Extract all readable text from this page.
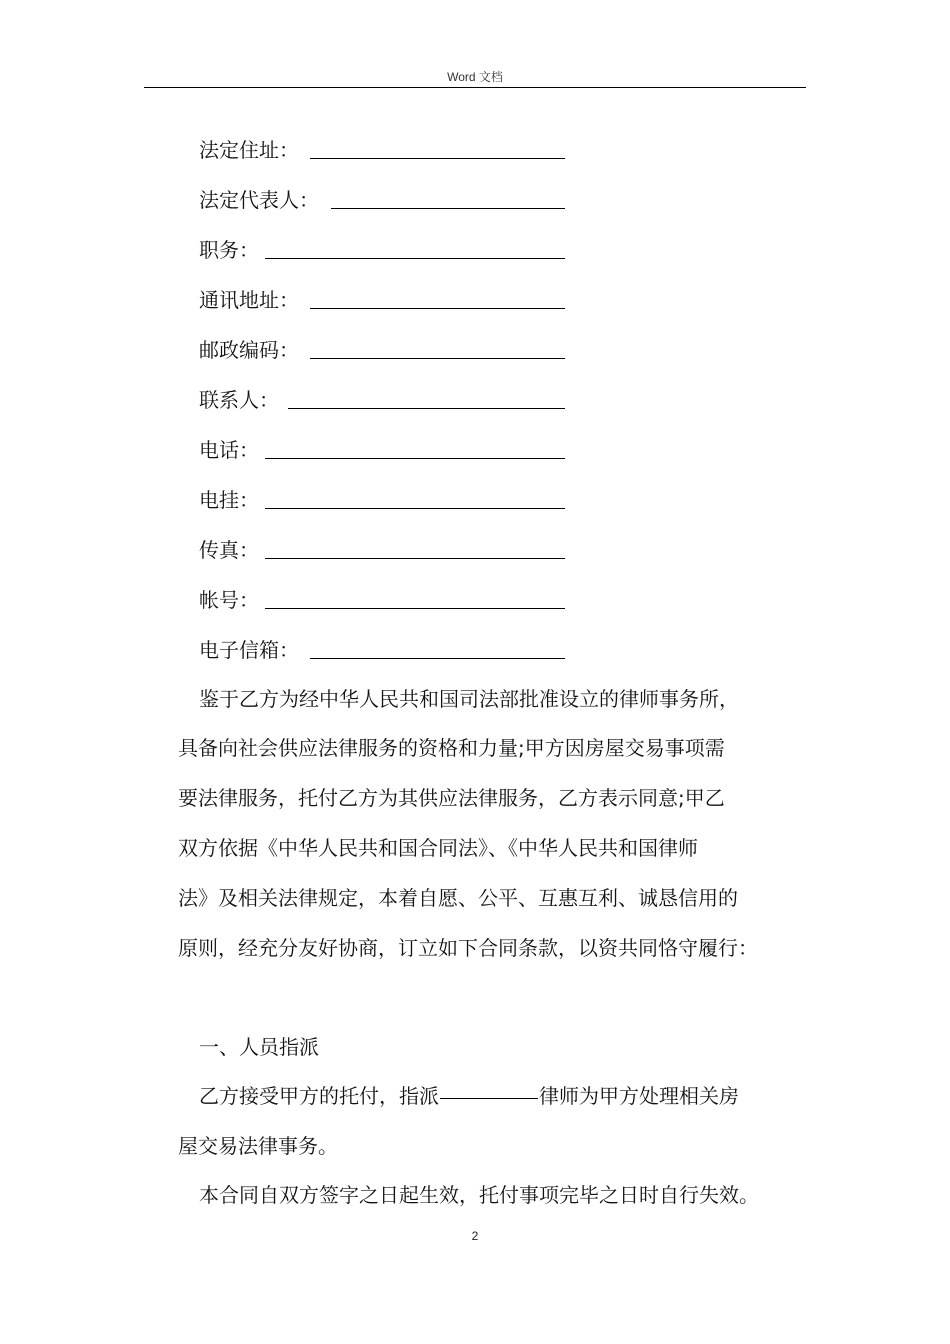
Word 文档
法定住址：
法定代表人：
职务：
通讯地址：
邮政编码：
联系人：
电话：
电挂：
传真：
帐号：
电子信箱：
鉴于乙方为经中华人民共和国司法部批准设立的律师事务所，
具备向社会供应法律服务的资格和力量;甲方因房屋交易事项需
要法律服务，托付乙方为其供应法律服务，乙方表示同意;甲乙
双方依据《中华人民共和国合同法》、《中华人民共和国律师
法》及相关法律规定，本着自愿、公平、互惠互利、诚恳信用的
原则，经充分友好协商，订立如下合同条款，以资共同恪守履行：
一、人员指派
乙方接受甲方的托付，指派	律师为甲方处理相关房
屋交易法律事务。
本合同自双方签字之日起生效，托付事项完毕之日时自行失效。
2
